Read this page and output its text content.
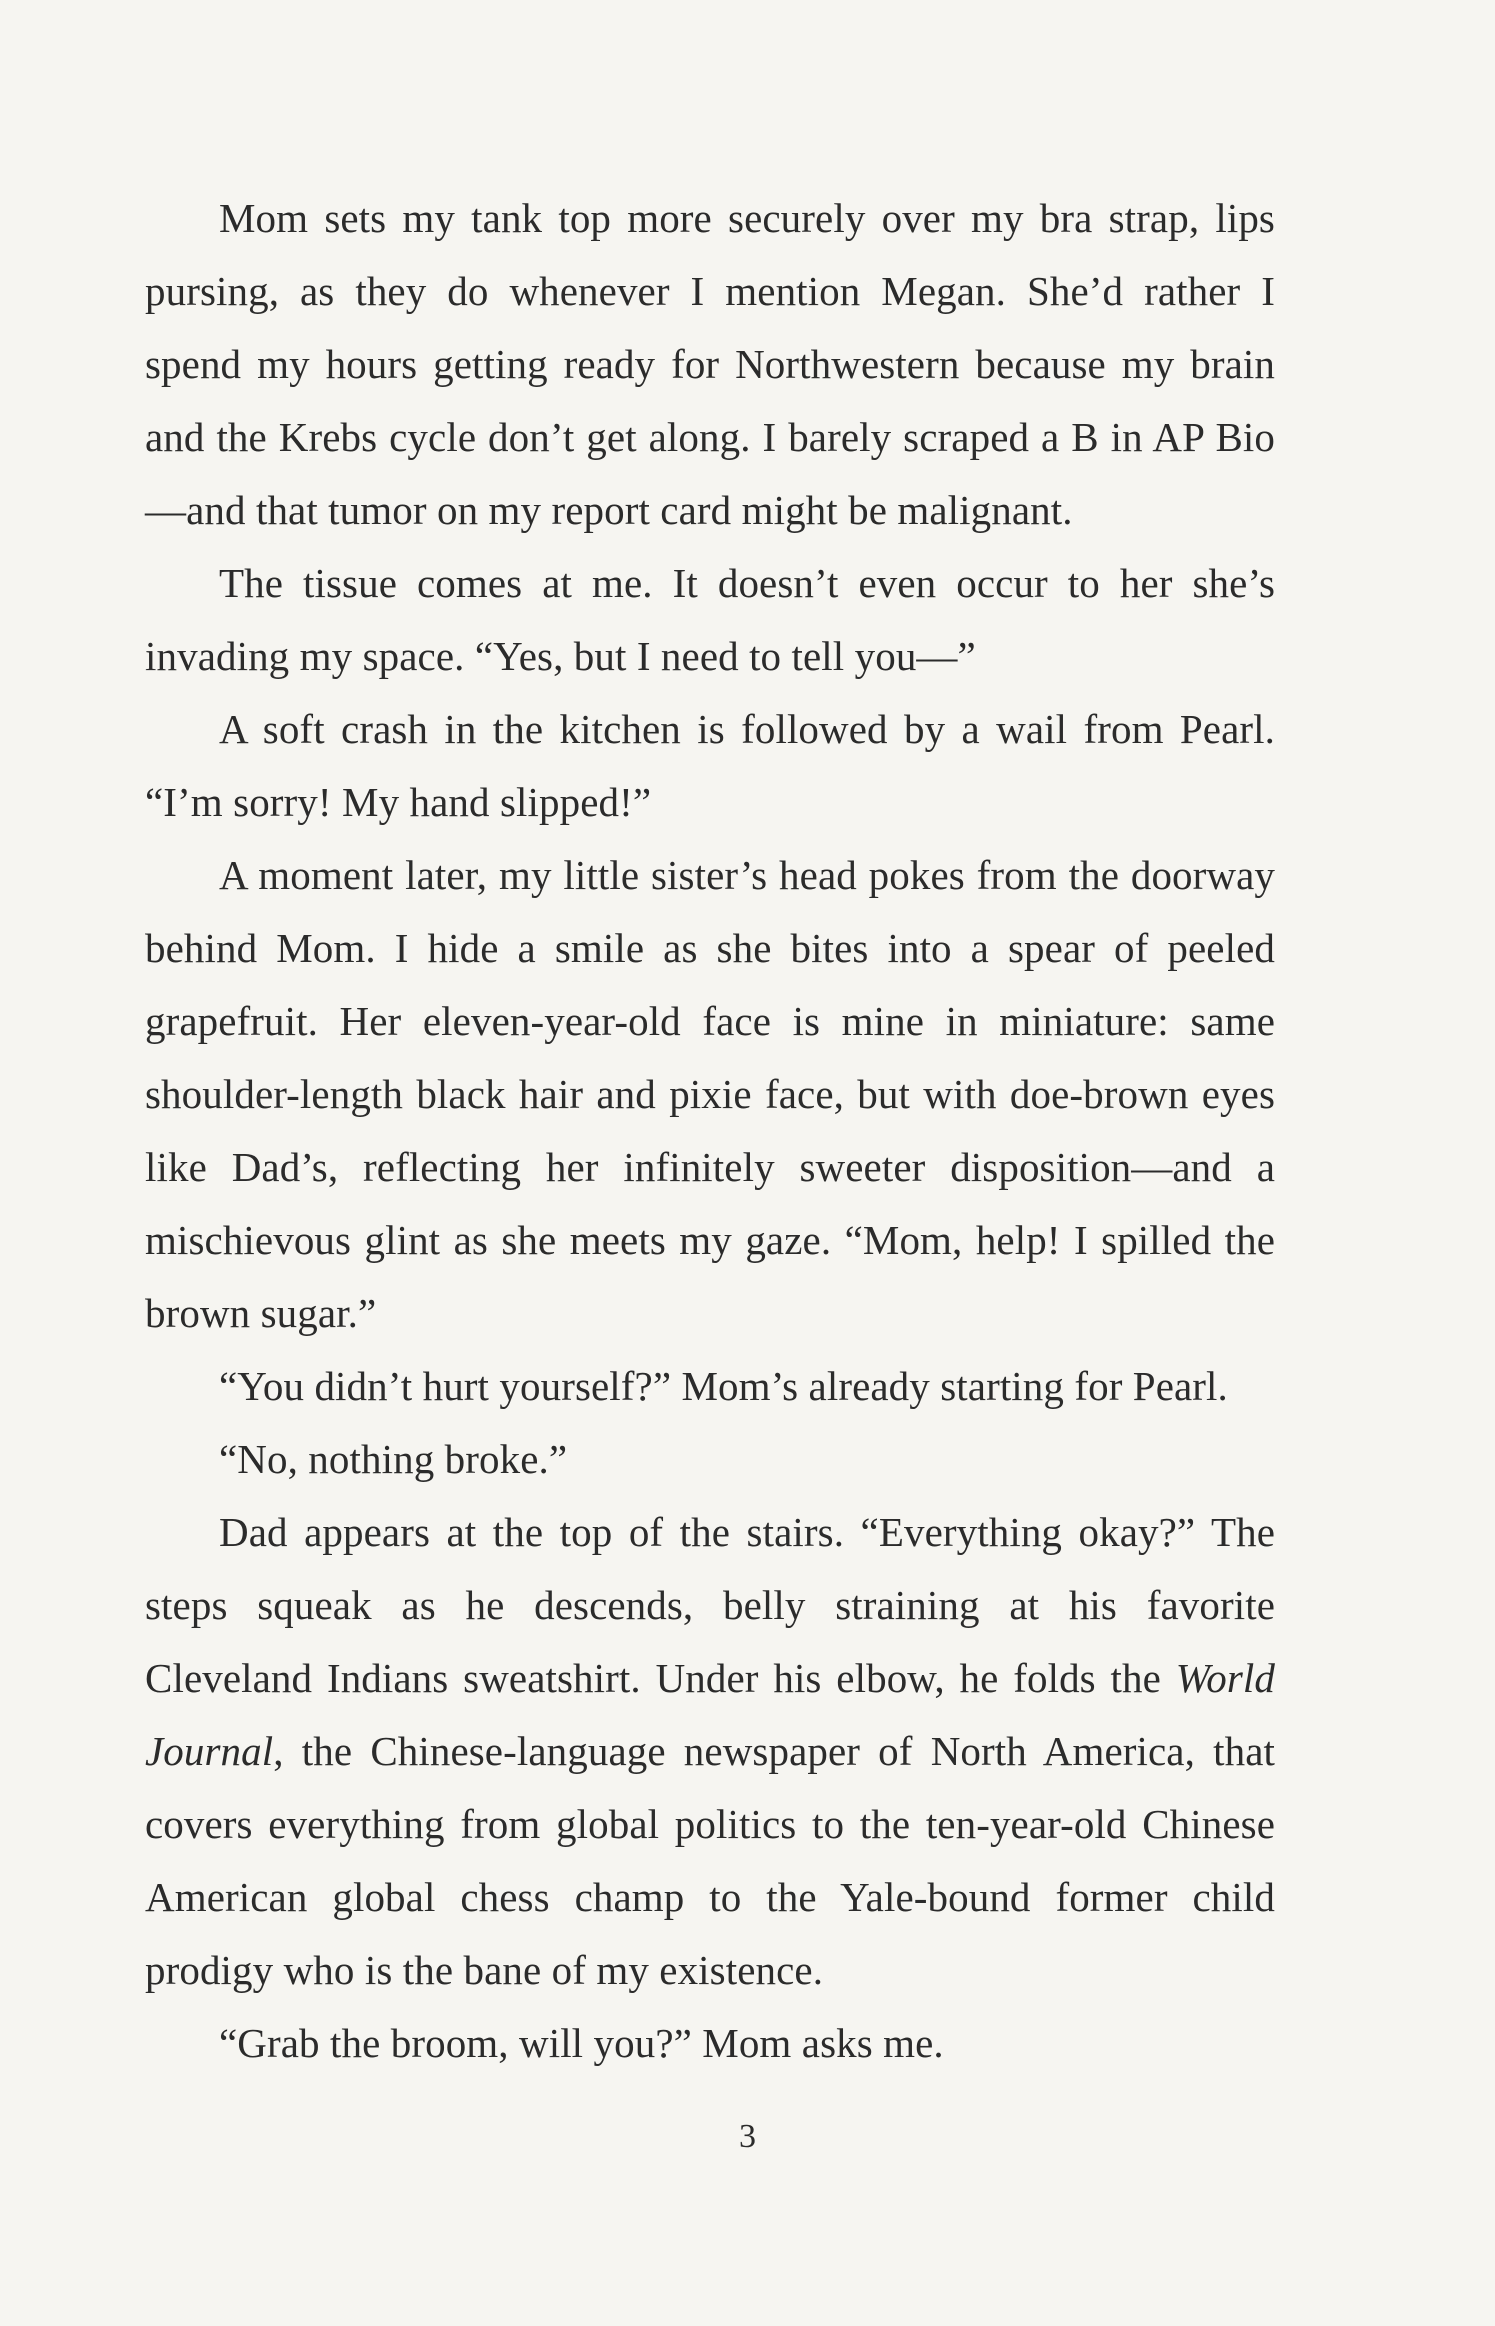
Mom sets my tank top more securely over my bra strap, lips pursing, as they do whenever I mention Megan. She’d rather I spend my hours getting ready for Northwestern because my brain and the Krebs cycle don’t get along. I barely scraped a B in AP Bio—and that tumor on my report card might be malignant.

The tissue comes at me. It doesn’t even occur to her she’s invading my space. “Yes, but I need to tell you—”

A soft crash in the kitchen is followed by a wail from Pearl. “I’m sorry! My hand slipped!”

A moment later, my little sister’s head pokes from the doorway behind Mom. I hide a smile as she bites into a spear of peeled grapefruit. Her eleven-year-old face is mine in miniature: same shoulder-length black hair and pixie face, but with doe-brown eyes like Dad’s, reflecting her infinitely sweeter disposition—and a mischievous glint as she meets my gaze. “Mom, help! I spilled the brown sugar.”

“You didn’t hurt yourself?” Mom’s already starting for Pearl.

“No, nothing broke.”

Dad appears at the top of the stairs. “Everything okay?” The steps squeak as he descends, belly straining at his favorite Cleveland Indians sweatshirt. Under his elbow, he folds the World Journal, the Chinese-language newspaper of North America, that covers everything from global politics to the ten-year-old Chinese American global chess champ to the Yale-bound former child prodigy who is the bane of my existence.

“Grab the broom, will you?” Mom asks me.

3
